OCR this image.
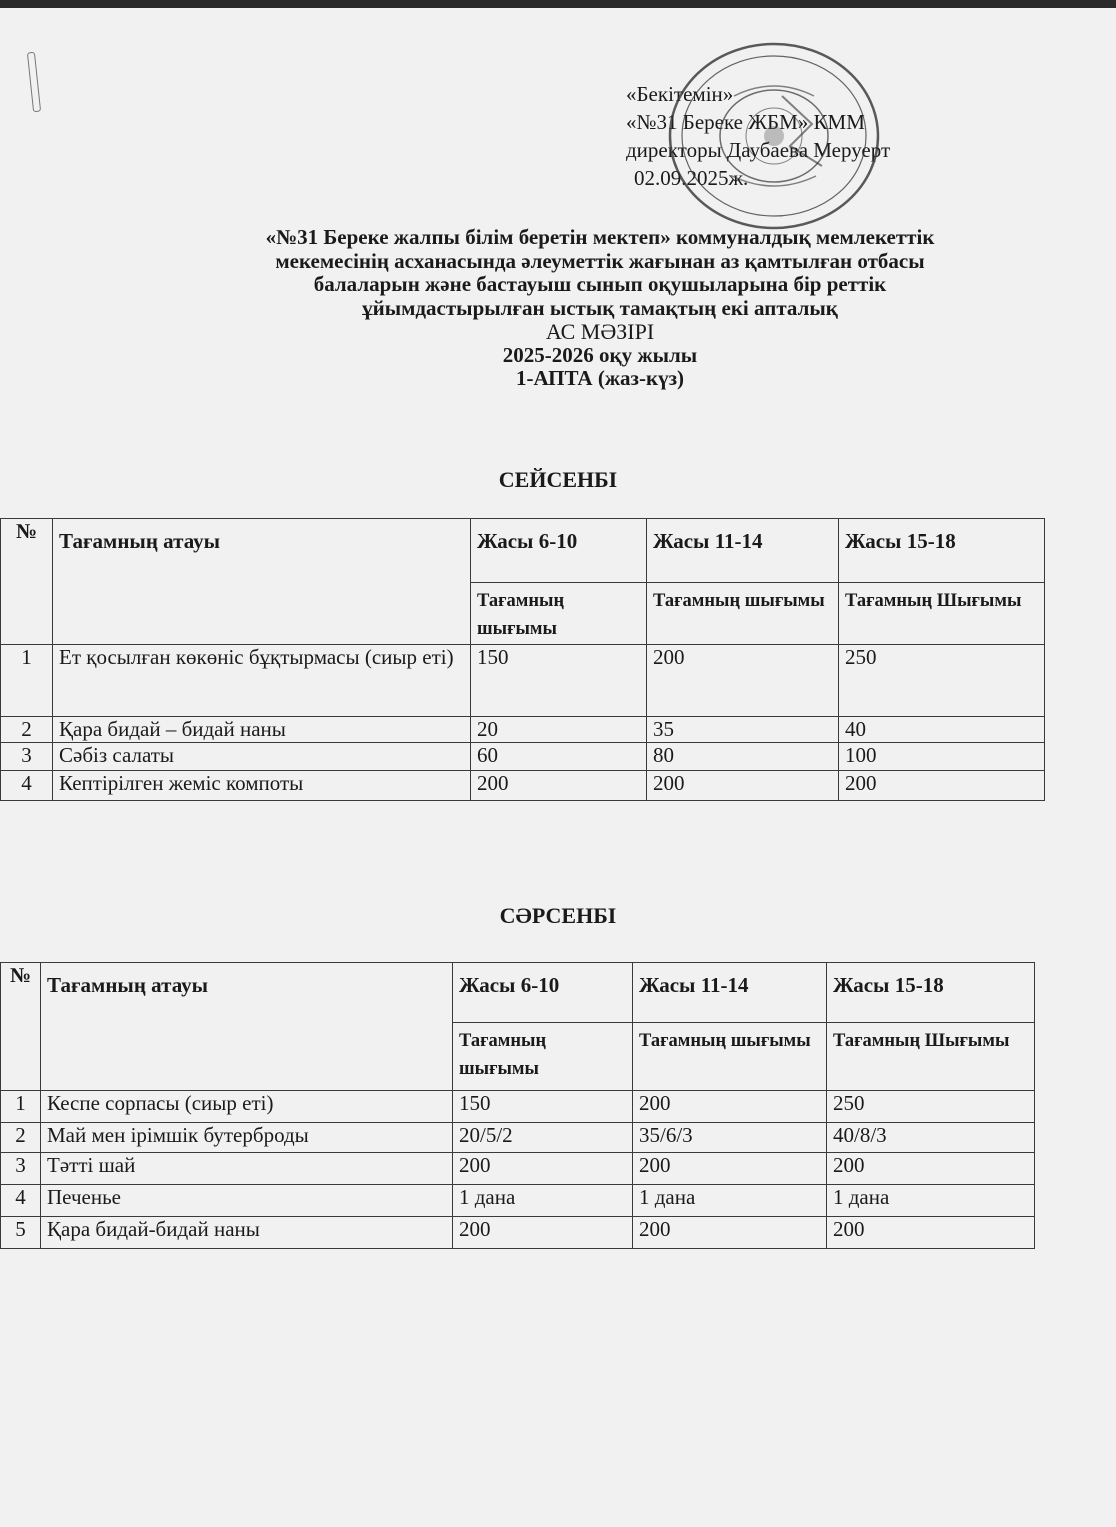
«Бекітемін»
«№31 Береке ЖБМ» КММ
директоры Даубаева Меруерт
02.09.2025ж.
«№31 Береке жалпы білім беретін мектеп» коммуналдық мемлекеттік
мекемесінің асханасында әлеуметтік жағынан аз қамтылған отбасы
балаларын және бастауыш сынып оқушыларына бір реттік
ұйымдастырылған ыстық тамақтың екі апталық
АС МӘЗІРІ
2025-2026 оқу жылы
1-АПТА (жаз-күз)
СЕЙСЕНБІ
№	Тағамның атауы	Жасы 6-10	Жасы 11-14	Жасы 15-18
		Тағамның шығымы	Тағамның шығымы	Тағамның Шығымы
1	Ет қосылған көкөніс бұқтырмасы (сиыр еті)	150	200	250
2	Қара бидай – бидай наны	20	35	40
3	Сәбіз салаты	60	80	100
4	Кептірілген жеміс компоты	200	200	200
СӘРСЕНБІ
№	Тағамның атауы	Жасы 6-10	Жасы 11-14	Жасы 15-18
		Тағамның шығымы	Тағамның шығымы	Тағамның Шығымы
1	Кеспе сорпасы (сиыр еті)	150	200	250
2	Май мен ірімшік бутерброды	20/5/2	35/6/3	40/8/3
3	Тәтті шай	200	200	200
4	Печенье	1 дана	1 дана	1 дана
5	Қара бидай-бидай наны	200	200	200
